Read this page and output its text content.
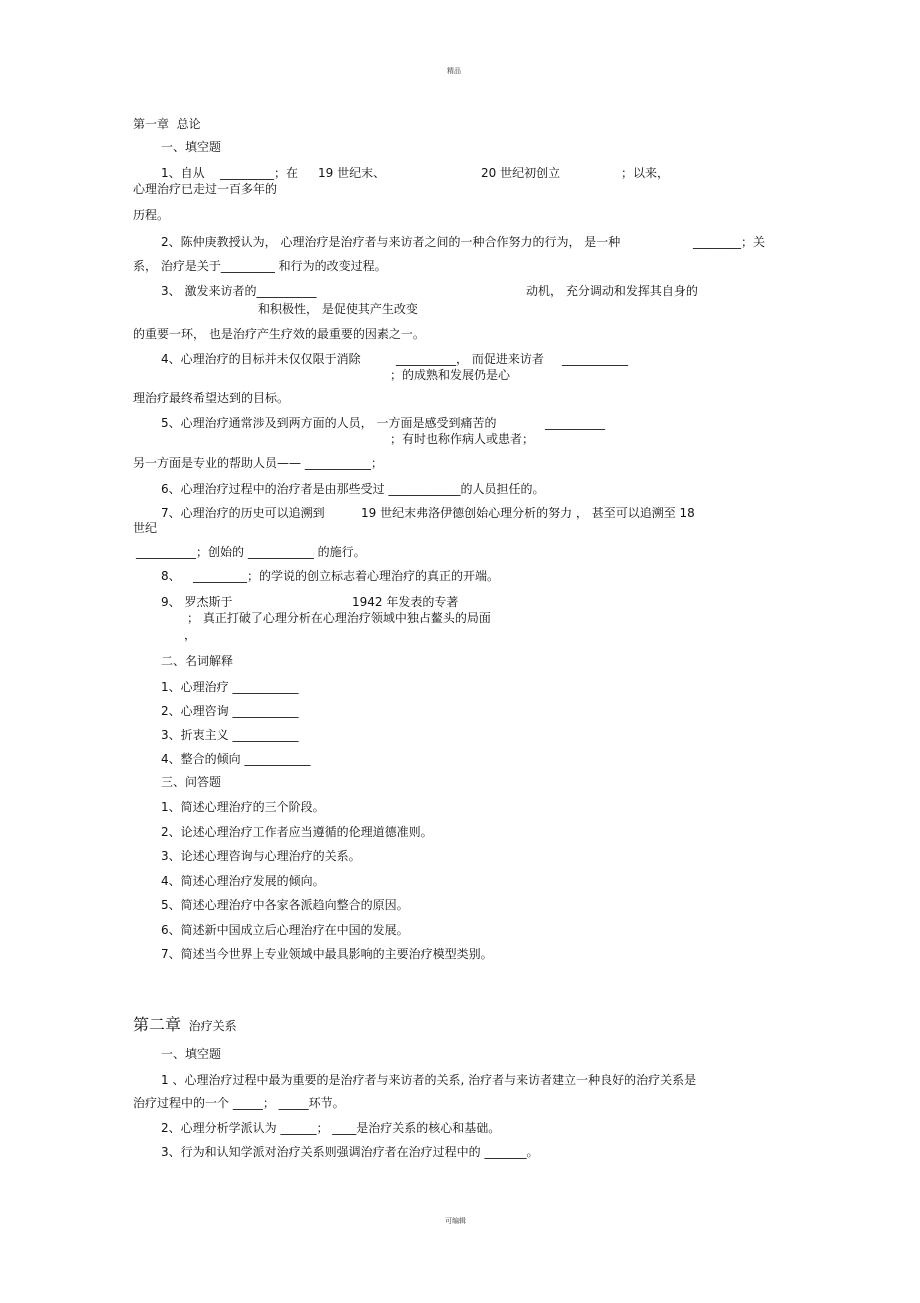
精品
第一章 总论
一、填空题
1、自从 _________；在 19 世纪末、	20 世纪初创立	；以来，
心理治疗已走过一百多年的
历程。
2、陈仲庚教授认为， 心理治疗是治疗者与来访者之间的一种合作努力的行为， 是一种	________；关
系， 治疗是关于_________ 和行为的改变过程。
3、 激发来访者的__________	动机， 充分调动和发挥其自身的
和积极性， 是促使其产生改变
的重要一环， 也是治疗产生疗效的最重要的因素之一。
4、心理治疗的目标并未仅仅限于消除	__________， 而促进来访者 ___________
；的成熟和发展仍是心
理治疗最终希望达到的目标。
5、心理治疗通常涉及到两方面的人员， 一方面是感受到痛苦的	__________
；有时也称作病人或患者；
另一方面是专业的帮助人员—— ___________；
6、心理治疗过程中的治疗者是由那些受过 ____________的人员担任的。
7、心理治疗的历史可以追溯到	19 世纪末弗洛伊德创始心理分析的努力 ， 甚至可以追溯至 18
世纪
__________；创始的 ___________ 的施行。
8、 _________；的学说的创立标志着心理治疗的真正的开端。
9、 罗杰斯于	1942 年发表的专著
； 真正打破了心理分析在心理治疗领域中独占鳌头的局面
，
二、名词解释
1、心理治疗 ___________
2、心理咨询 ___________
3、折衷主义 ___________
4、整合的倾向 ___________
三、问答题
1、简述心理治疗的三个阶段。
2、论述心理治疗工作者应当遵循的伦理道德准则。
3、论述心理咨询与心理治疗的关系。
4、简述心理治疗发展的倾向。
5、简述心理治疗中各家各派趋向整合的原因。
6、简述新中国成立后心理治疗在中国的发展。
7、简述当今世界上专业领域中最具影响的主要治疗模型类别。
第二章 治疗关系
一、填空题
1 、心理治疗过程中最为重要的是治疗者与来访者的关系, 治疗者与来访者建立一种良好的治疗关系是
治疗过程中的一个 _____； _____环节。
2、心理分析学派认为 ______； ____是治疗关系的核心和基础。
3、行为和认知学派对治疗关系则强调治疗者在治疗过程中的 _______。
可编辑
